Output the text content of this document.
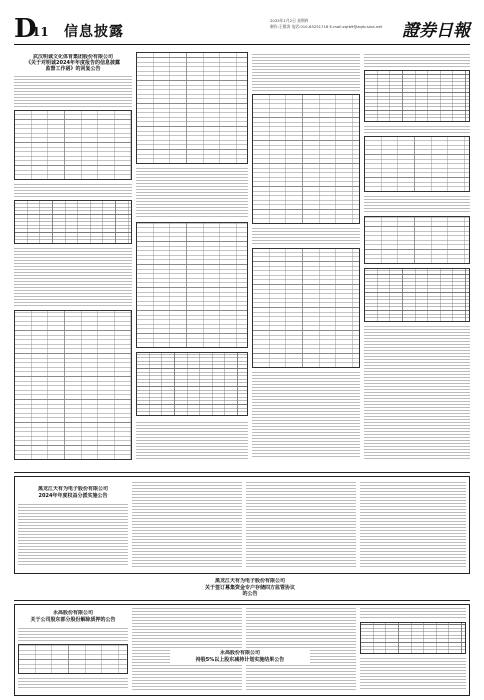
D
11 信息披露
2025年1月2日 星期四
制作:王敬涛 电话:010-83251716 E-mail:zqrb9@zqrb.sina.net 證券日報
武汉明诚文化体育集团股份有限公司
《关于对明诚2024年年度报告的信息披露
监督工作函》的回复公告
黑龙江天有为电子股份有限公司
2024年年度权益分派实施公告
黑龙江天有为电子股份有限公司
关于签订募集资金专户存储四方监管协议
的公告
永高股份有限公司
关于公司股东部分股份解除质押的公告
永高股份有限公司
持股5%以上股东减持计划实施结果公告
